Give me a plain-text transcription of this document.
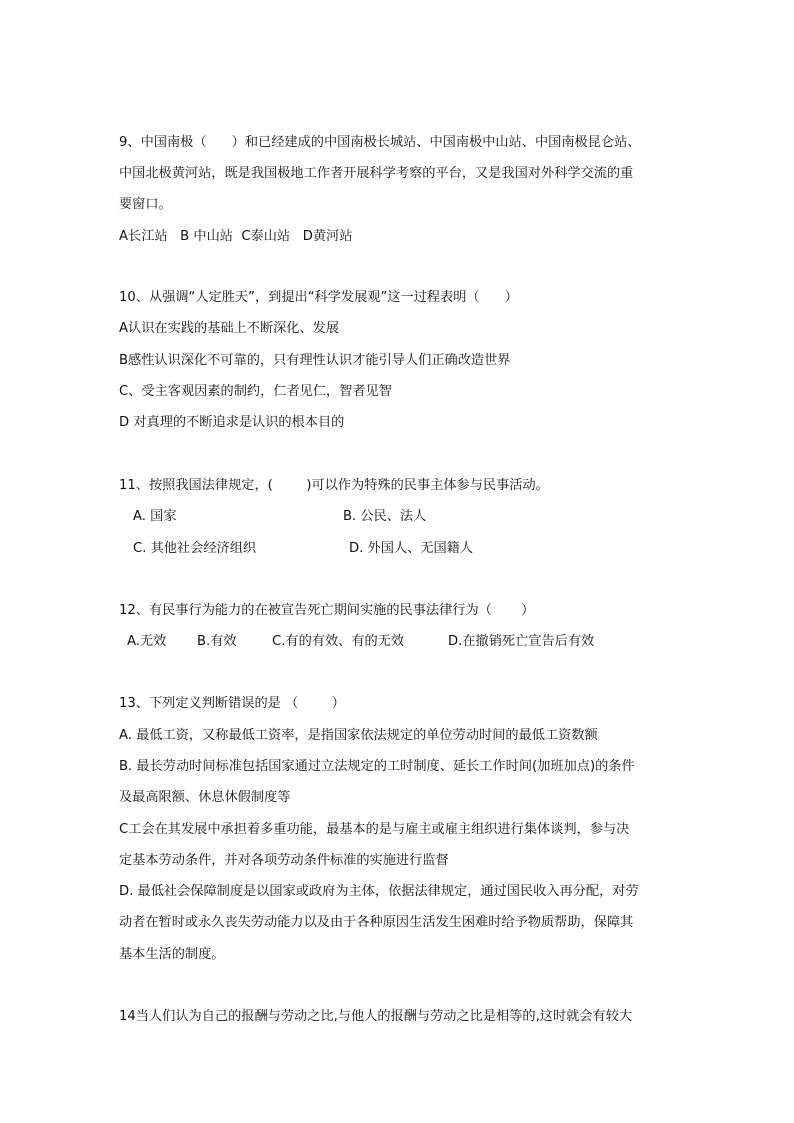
9、中国南极（      ）和已经建成的中国南极长城站、中国南极中山站、中国南极昆仑站、
中国北极黄河站，既是我国极地工作者开展科学考察的平台，又是我国对外科学交流的重
要窗口。
A长江站   B 中山站  C泰山站   D黄河站
10、从强调“人定胜天”，到提出“科学发展观”这一过程表明（      ）
A认识在实践的基础上不断深化、发展
B感性认识深化不可靠的，只有理性认识才能引导人们正确改造世界
C、受主客观因素的制约，仁者见仁，智者见智
D 对真理的不断追求是认识的根本目的
11、按照我国法律规定，(        )可以作为特殊的民事主体参与民事活动。
A. 国家	B. 公民、法人
C. 其他社会经济组织	D. 外国人、无国籍人
12、有民事行为能力的在被宣告死亡期间实施的民事法律行为（       ）
A.无效 B.有效	C.有的有效、有的无效	D.在撤销死亡宣告后有效
13、下列定义判断错误的是 （        ）
A. 最低工资，又称最低工资率，是指国家依法规定的单位劳动时间的最低工资数额
B. 最长劳动时间标准包括国家通过立法规定的工时制度、延长工作时间(加班加点)的条件
及最高限额、休息休假制度等
C工会在其发展中承担着多重功能，最基本的是与雇主或雇主组织进行集体谈判，参与决
定基本劳动条件，并对各项劳动条件标准的实施进行监督
D. 最低社会保障制度是以国家或政府为主体，依据法律规定，通过国民收入再分配，对劳
动者在暂时或永久丧失劳动能力以及由于各种原因生活发生困难时给予物质帮助，保障其
基本生活的制度。
14当人们认为自己的报酬与劳动之比,与他人的报酬与劳动之比是相等的,这时就会有较大
